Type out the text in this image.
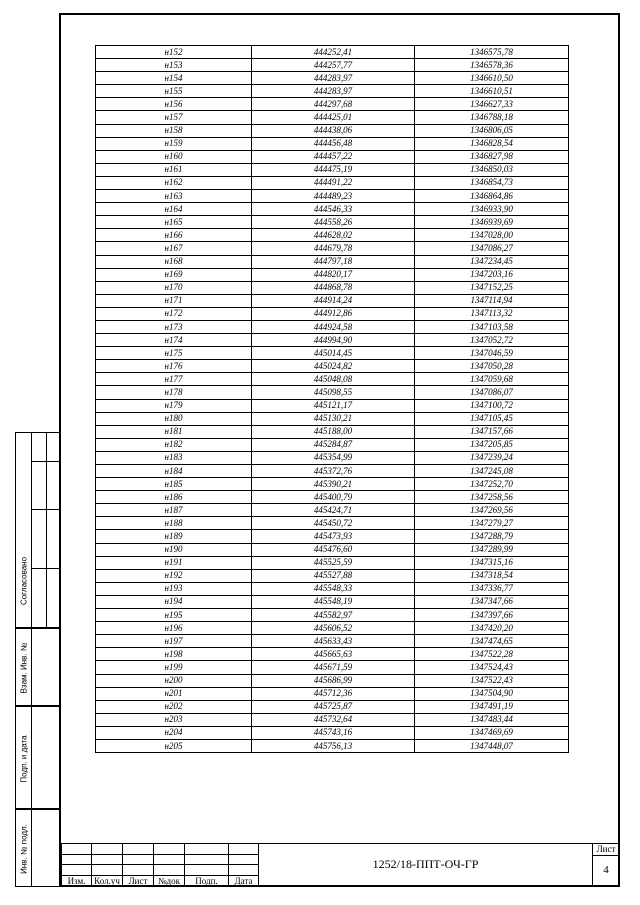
н152	444252,41	1346575,78
н153	444257,77	1346578,36
н154	444283,97	1346610,50
н155	444283,97	1346610,51
н156	444297,68	1346627,33
н157	444425,01	1346788,18
н158	444438,06	1346806,05
н159	444456,48	1346828,54
н160	444457,22	1346827,98
н161	444475,19	1346850,03
н162	444491,22	1346854,73
н163	444489,23	1346864,86
н164	444546,33	1346933,90
н165	444558,26	1346939,69
н166	444628,02	1347028,00
н167	444679,78	1347086,27
н168	444797,18	1347234,45
н169	444820,17	1347203,16
н170	444868,78	1347152,25
н171	444914,24	1347114,94
н172	444912,86	1347113,32
н173	444924,58	1347103,58
н174	444994,90	1347052,72
н175	445014,45	1347046,59
н176	445024,82	1347050,28
н177	445048,08	1347059,68
н178	445098,55	1347086,07
н179	445121,17	1347100,72
н180	445130,21	1347105,45
н181	445188,00	1347157,66
н182	445284,87	1347205,85
н183	445354,99	1347239,24
н184	445372,76	1347245,08
н185	445390,21	1347252,70
н186	445400,79	1347258,56
н187	445424,71	1347269,56
н188	445450,72	1347279,27
н189	445473,93	1347288,79
н190	445476,60	1347289,99
н191	445525,59	1347315,16
н192	445527,88	1347318,54
н193	445548,33	1347336,77
н194	445548,19	1347347,66
н195	445582,97	1347397,66
н196	445606,52	1347420,20
н197	445633,43	1347474,65
н198	445665,63	1347522,28
н199	445671,59	1347524,43
н200	445686,99	1347522,43
н201	445712,36	1347504,90
н202	445725,87	1347491,19
н203	445732,64	1347483,44
н204	445743,16	1347469,69
н205	445756,13	1347448,07
Согласовано
Взам. Инв. №
Подп. и дата
Инв. № подл.

Изм.	Кол.уч	Лист	№док	Подп.	Дата
1252/18-ППТ-ОЧ-ГР
Лист
4
